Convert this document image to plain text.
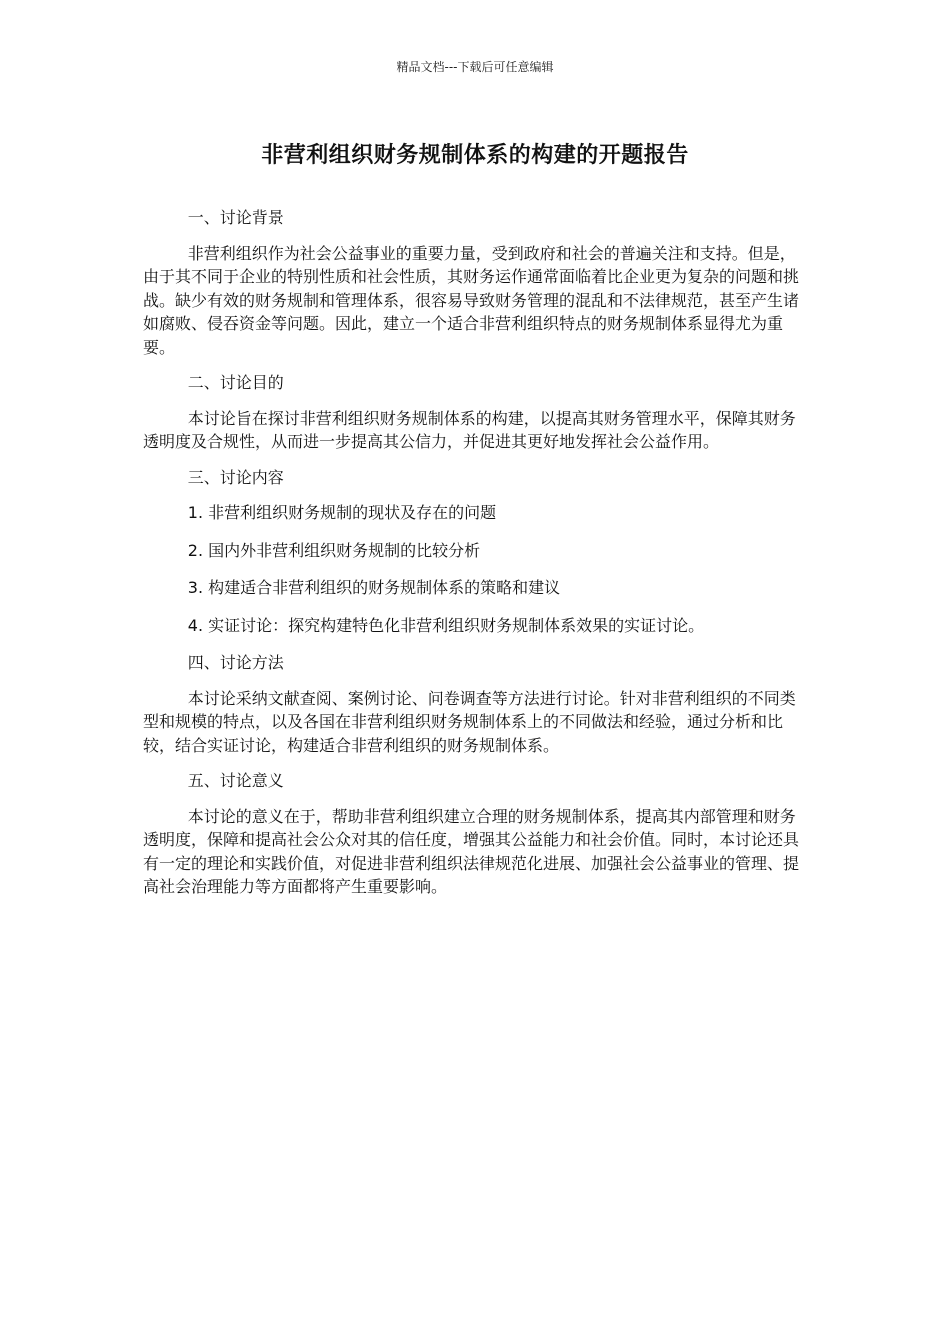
精品文档---下载后可任意编辑
非营利组织财务规制体系的构建的开题报告

一、讨论背景

非营利组织作为社会公益事业的重要力量，受到政府和社会的普遍关注和支持。但是，由于其不同于企业的特别性质和社会性质，其财务运作通常面临着比企业更为复杂的问题和挑战。缺少有效的财务规制和管理体系，很容易导致财务管理的混乱和不法律规范，甚至产生诸如腐败、侵吞资金等问题。因此，建立一个适合非营利组织特点的财务规制体系显得尤为重要。

二、讨论目的

本讨论旨在探讨非营利组织财务规制体系的构建，以提高其财务管理水平，保障其财务透明度及合规性，从而进一步提高其公信力，并促进其更好地发挥社会公益作用。

三、讨论内容

1. 非营利组织财务规制的现状及存在的问题

2. 国内外非营利组织财务规制的比较分析

3. 构建适合非营利组织的财务规制体系的策略和建议

4. 实证讨论：探究构建特色化非营利组织财务规制体系效果的实证讨论。

四、讨论方法

本讨论采纳文献查阅、案例讨论、问卷调查等方法进行讨论。针对非营利组织的不同类型和规模的特点，以及各国在非营利组织财务规制体系上的不同做法和经验，通过分析和比较，结合实证讨论，构建适合非营利组织的财务规制体系。

五、讨论意义

本讨论的意义在于，帮助非营利组织建立合理的财务规制体系，提高其内部管理和财务透明度，保障和提高社会公众对其的信任度，增强其公益能力和社会价值。同时，本讨论还具有一定的理论和实践价值，对促进非营利组织法律规范化进展、加强社会公益事业的管理、提高社会治理能力等方面都将产生重要影响。
